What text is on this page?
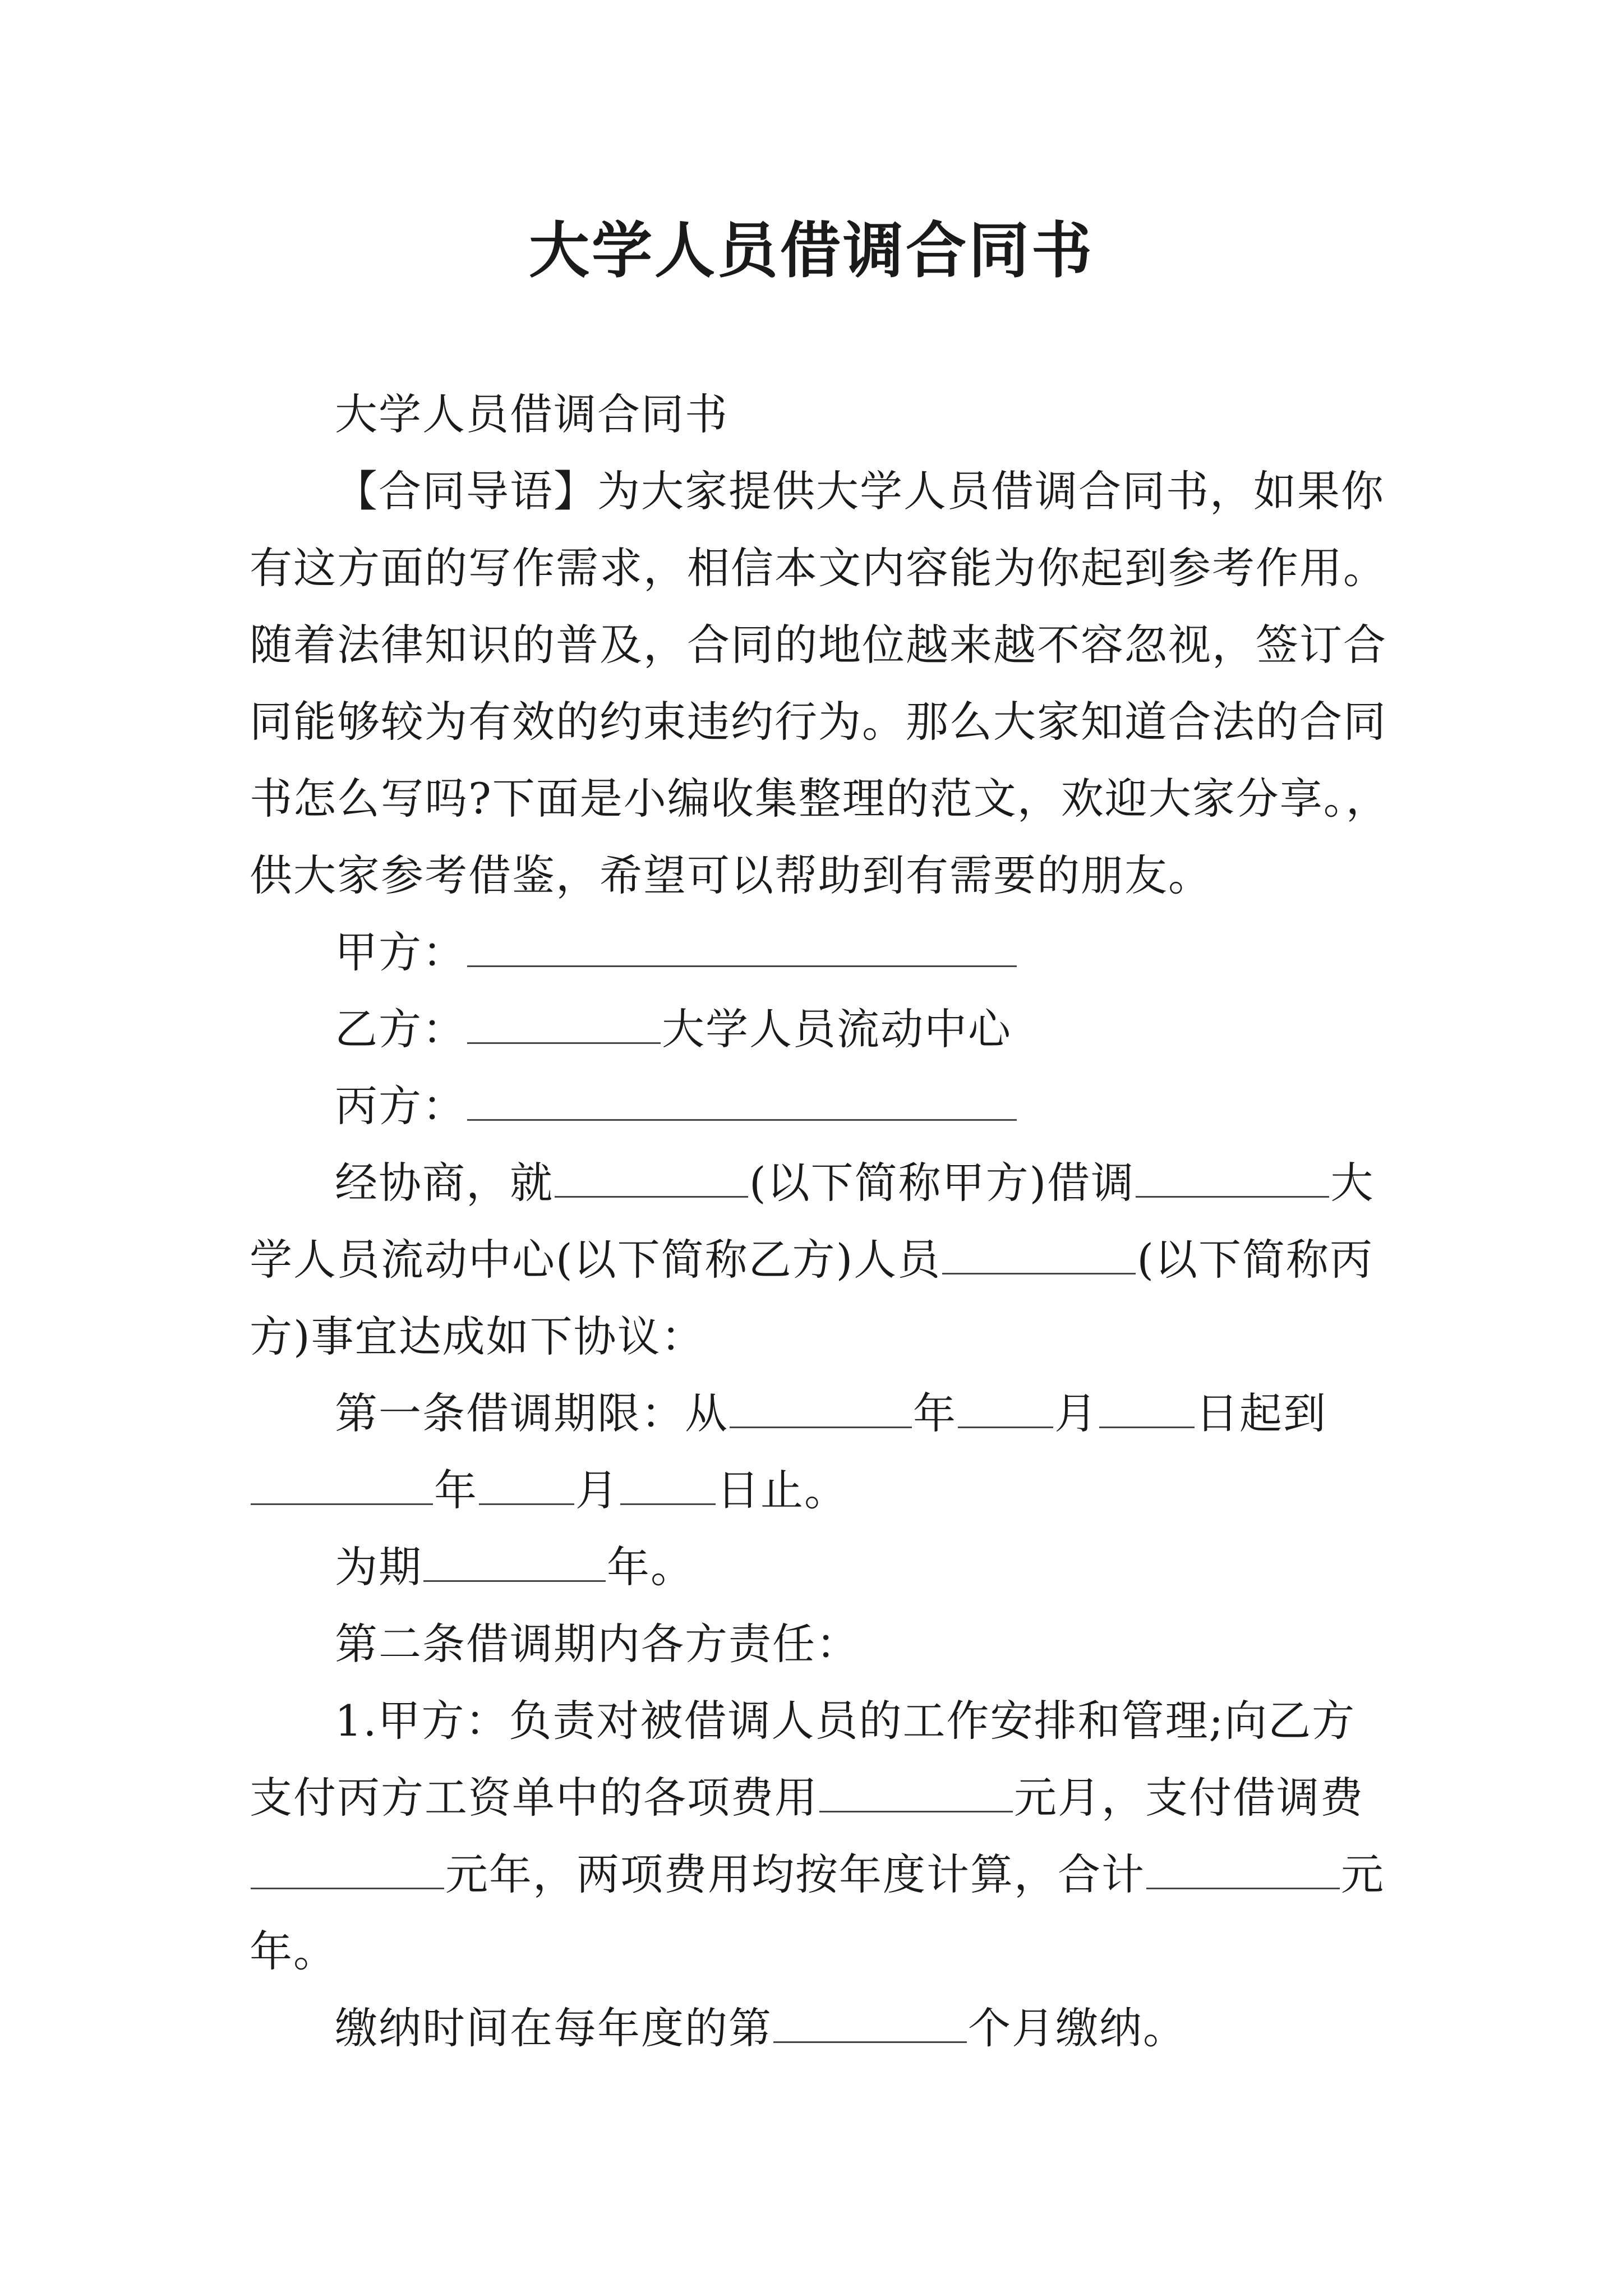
大学人员借调合同书

大学人员借调合同书

【合同导语】为大家提供大学人员借调合同书，如果你有这方面的写作需求，相信本文内容能为你起到参考作用。随着法律知识的普及，合同的地位越来越不容忽视，签订合同能够较为有效的约束违约行为。那么大家知道合法的合同书怎么写吗?下面是小编收集整理的范文，欢迎大家分享。，供大家参考借鉴，希望可以帮助到有需要的朋友。

甲方：

乙方：	大学人员流动中心

丙方：

经协商，就	(以下简称甲方)借调	大学人员流动中心(以下简称乙方)人员	(以下简称丙方)事宜达成如下协议：

第一条借调期限：从	年 月 日起到年 月 日止。

为期	年。

第二条借调期内各方责任：

1.甲方：负责对被借调人员的工作安排和管理;向乙方支付丙方工资单中的各项费用	元月，支付借调费元年，两项费用均按年度计算，合计	元年。

缴纳时间在每年度的第	个月缴纳。
